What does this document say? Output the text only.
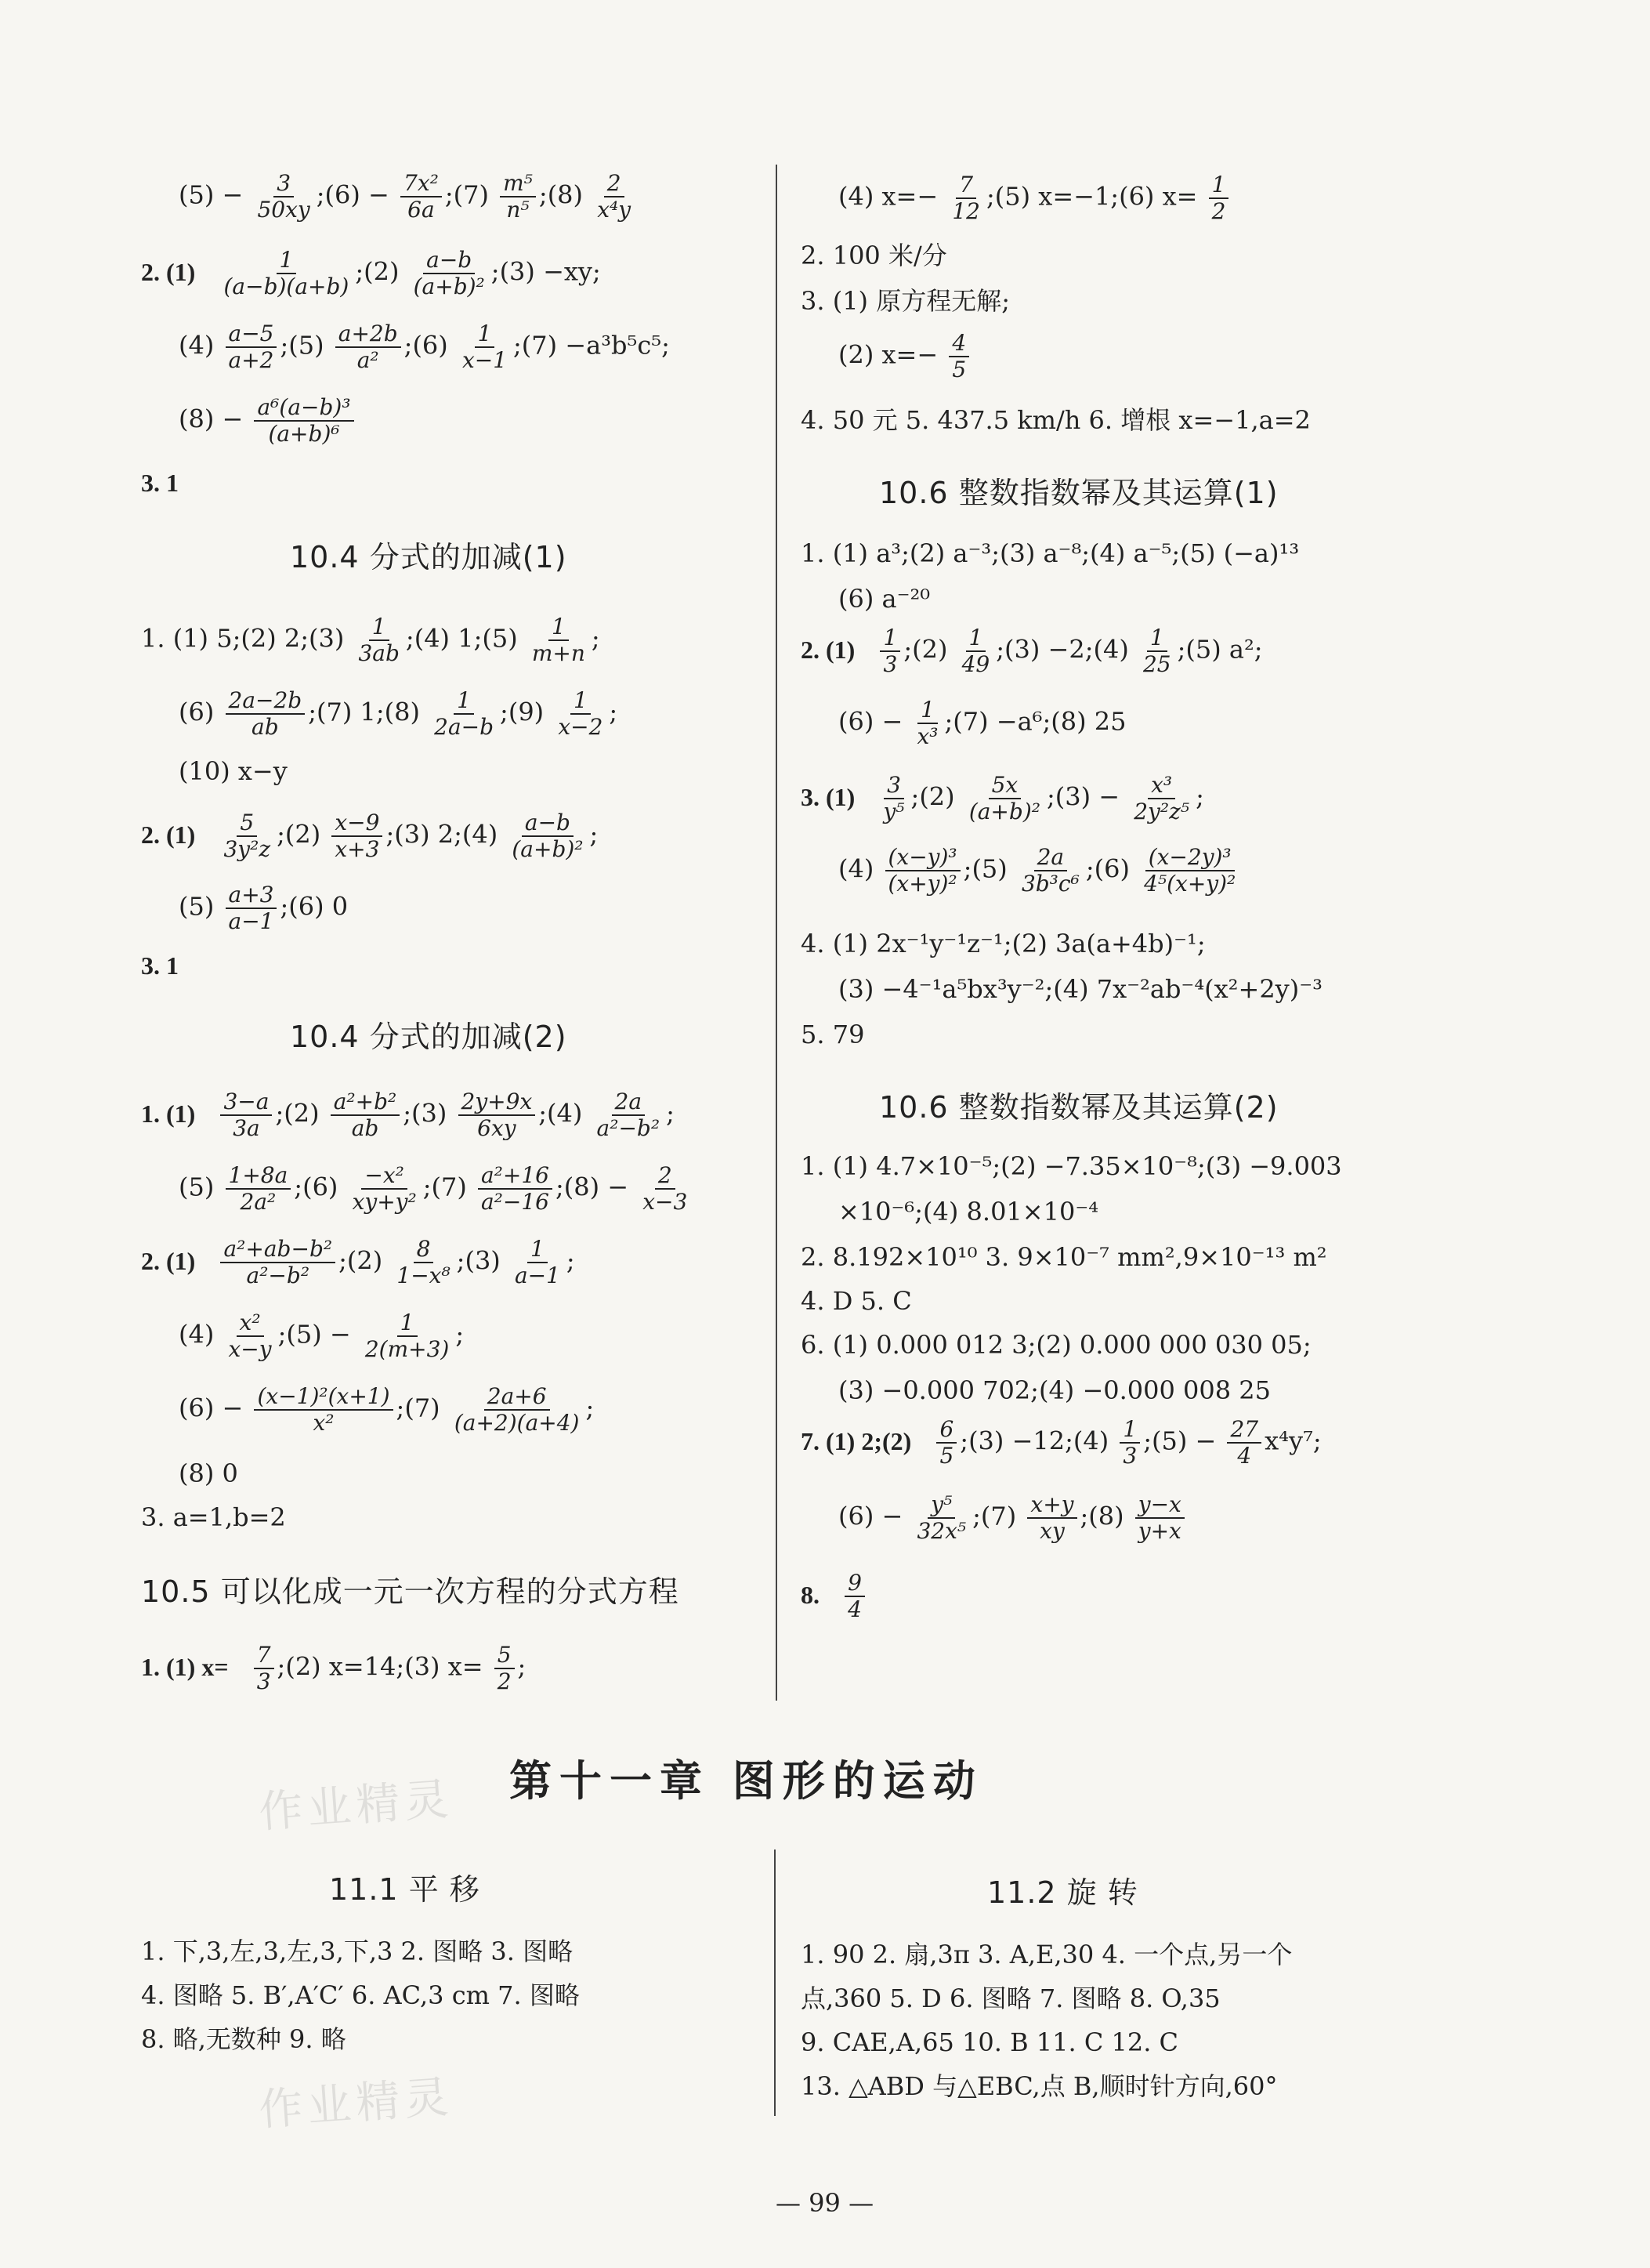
作业精灵
作业精灵
$(5) - \frac{3}{50xy}$ ;(6) − $\frac{\text{7x²}}{6a}$ ;(7) $\frac{\text{m⁵}}{\text{n⁵}}$ ;(8) $\frac{2}{\text{x⁴y}}$
2. $(1) \frac{1}{(a-b)(a+b)}$ ;(2) $\frac{a-b}{\text{(a+b)²}}$ ;(3) −xy;
$(4) \frac{a-5}{a+2}$ ;(5) $\frac{a+2b}{\text{a²}}$ ;(6) $\frac{1}{x-1}$ ;(7) −a³b⁵c⁵;
$(8) - \frac{\text{a⁶(a−b)³}}{\text{(a+b)⁶}}$
3. 1
10.4 分式的加减(1)
1. (1) 5;(2) 2;(3) $\frac{1}{3ab}$ ;(4) 1;(5) $\frac{1}{m+n}$ ;
$(6) \frac{2a-2b}{ab}$ ;(7) 1;(8) $\frac{1}{2a-b}$ ;(9) $\frac{1}{x-2}$ ;
(10) x−y
2. $(1) \frac{5}{\text{3y²z}}$ ;(2) $\frac{x-9}{x+3}$ ;(3) 2;(4) $\frac{a-b}{\text{(a+b)²}}$ ;
$(5) \frac{a+3}{a-1}$ ;(6) 0
3. 1
10.4 分式的加减(2)
1. $(1) \frac{3-a}{3a}$ ;(2) $\frac{\text{a²+b²}}{ab}$ ;(3) $\frac{2y+9x}{6xy}$ ;(4) $\frac{2a}{\text{a²−b²}}$ ;
$(5) \frac{1+8a}{\text{2a²}}$ ;(6) $\frac{\text{−x²}}{\text{xy+y²}}$ ;(7) $\frac{\text{a²+16}}{\text{a²−16}}$ ;(8) − $\frac{2}{x-3}$
2. $(1) \frac{\text{a²+ab−b²}}{\text{a²−b²}}$ ;(2) $\frac{8}{\text{1−x⁸}}$ ;(3) $\frac{1}{a-1}$ ;
$(4) \frac{\text{x²}}{x-y}$ ;(5) − $\frac{1}{2(m+3)}$ ;
$(6) - \frac{\text{(x−1)²(x+1)}}{\text{x²}}$ ;(7) $\frac{2a+6}{(a+2)(a+4)}$ ;
(8) 0
3. a=1,b=2
10.5 可以化成一元一次方程的分式方程
1. (1) $x= \frac{7}{3}$ ;(2) x=14;(3) $x= \frac{5}{2}$ ;
(4) $x=- \frac{7}{12}$ ;(5) x=−1;(6) $x= \frac{1}{2}$
2. 100 米/分
3. (1) 原方程无解;
(2) $x=- \frac{4}{5}$
4. 50 元 5. 437.5 km/h 6. 增根 x=−1,a=2
10.6 整数指数幂及其运算(1)
1. (1) a³;(2) a⁻³;(3) a⁻⁸;(4) a⁻⁵;(5) (−a)¹³
(6) a⁻²⁰
2. $(1) \frac{1}{3}$ ;(2) $\frac{1}{49}$ ;(3) −2;(4) $\frac{1}{25}$ ;(5) a²;
$(6) - \frac{1}{\text{x³}}$ ;(7) −a⁶;(8) 25
3. $(1) \frac{3}{\text{y⁵}}$ ;(2) $\frac{5x}{\text{(a+b)²}}$ ;(3) − $\frac{\text{x³}}{\text{2y²z⁵}}$ ;
$(4) \frac{\text{(x−y)³}}{\text{(x+y)²}}$ ;(5) $\frac{2a}{\text{3b³c⁶}}$ ;(6) $\frac{\text{(x−2y)³}}{\text{4⁵(x+y)²}}$
4. (1) 2x⁻¹y⁻¹z⁻¹;(2) 3a(a+4b)⁻¹;
(3) −4⁻¹a⁵bx³y⁻²;(4) 7x⁻²ab⁻⁴(x²+2y)⁻³
5. 79
10.6 整数指数幂及其运算(2)
1. (1) 4.7×10⁻⁵;(2) −7.35×10⁻⁸;(3) −9.003
×10⁻⁶;(4) 8.01×10⁻⁴
2. 8.192×10¹⁰ 3. 9×10⁻⁷ mm²,9×10⁻¹³ m²
4. D 5. C
6. (1) 0.000 012 3;(2) 0.000 000 030 05;
(3) −0.000 702;(4) −0.000 008 25
7. (1) 2;(2) $\frac{6}{5}$ ;(3) −12;(4) $\frac{1}{3}$ ;(5) − $\frac{27}{4} x^4y^7$;
$(6) - \frac{\text{y⁵}}{\text{32x⁵}}$ ;(7) $\frac{x+y}{xy}$ ;(8) $\frac{y-x}{y+x}$
8. $\frac{9}{4}$
第十一章 图形的运动
11.1 平 移
1. 下,3,左,3,左,3,下,3 2. 图略 3. 图略
4. 图略 5. B′,A′C′ 6. AC,3 cm 7. 图略
8. 略,无数种 9. 略
11.2 旋 转
1. 90 2. 扇,3π 3. A,E,30 4. 一个点,另一个
点,360 5. D 6. 图略 7. 图略 8. O,35
9. CAE,A,65 10. B 11. C 12. C
13. △ABD 与△EBC,点 B,顺时针方向,60°
— 99 —
